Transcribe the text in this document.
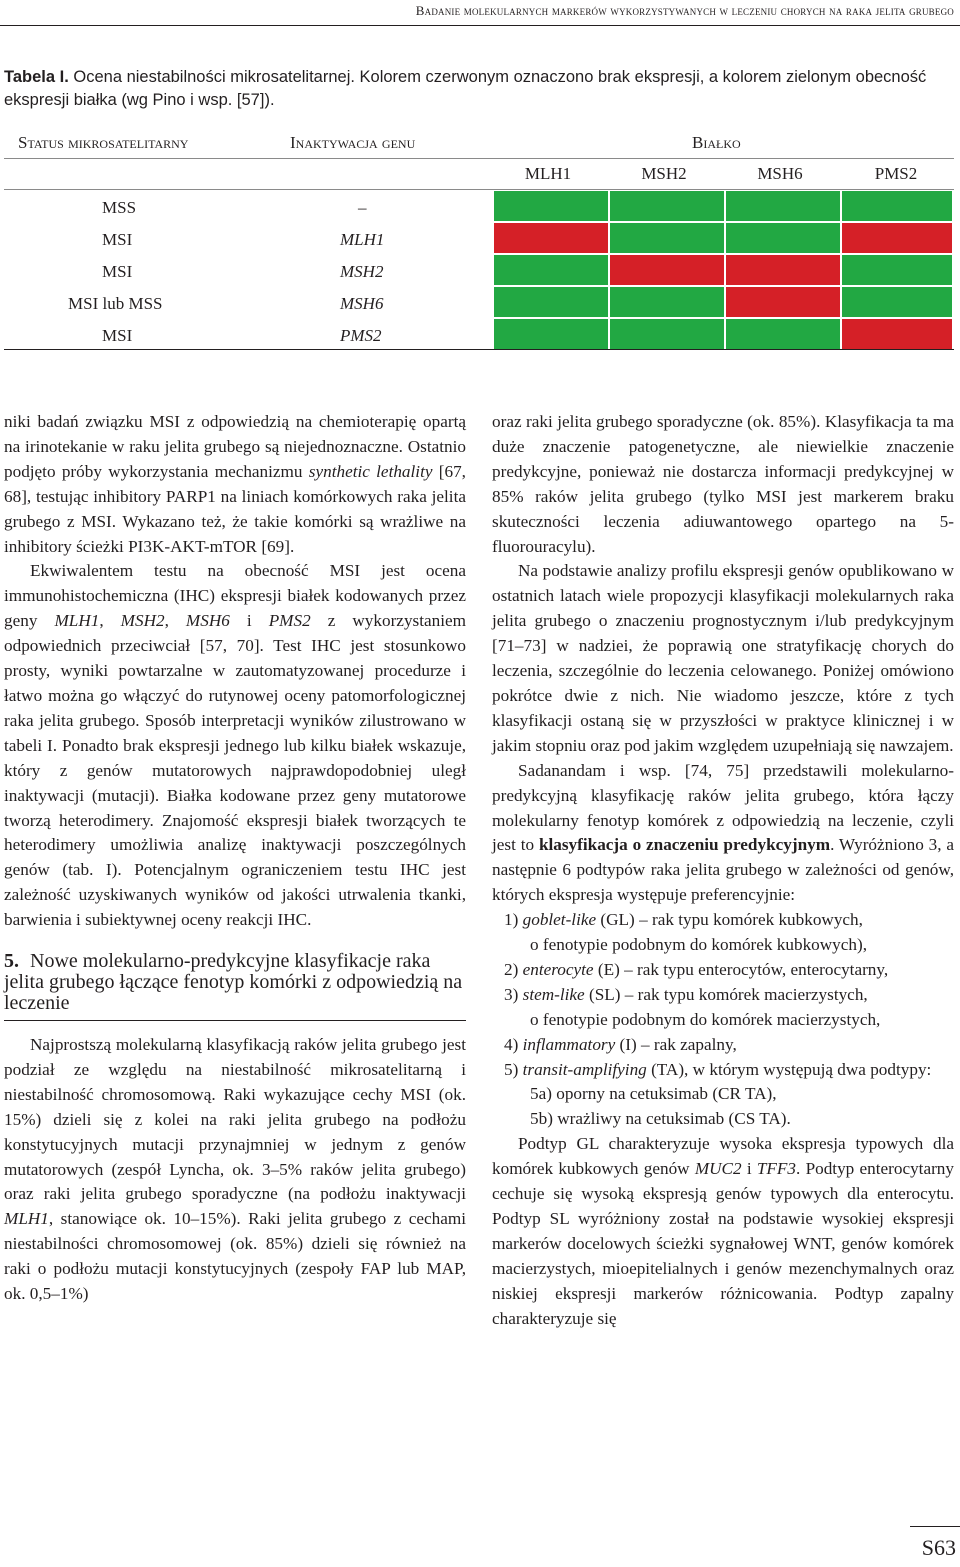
Badanie molekularnych markerów wykorzystywanych w leczeniu chorych na raka jelita grubego
Tabela I. Ocena niestabilności mikrosatelitarnej. Kolorem czerwonym oznaczono brak ekspresji, a kolorem zielonym obecność ekspresji białka (wg Pino i wsp. [57]).
Status mikrosatelitarny	Inaktywacja genu	Białko
MLH1	MSH2	MSH6	PMS2
MSS	–
MSI	MLH1
MSI	MSH2
MSI lub MSS	MSH6
MSI	PMS2

niki badań związku MSI z odpowiedzią na chemioterapię opartą na irinotekanie w raku jelita grubego są niejednoznaczne. Ostatnio podjęto próby wykorzystania mechanizmu synthetic lethality [67, 68], testując inhibitory PARP1 na liniach komórkowych raka jelita grubego z MSI. Wykazano też, że takie komórki są wrażliwe na inhibitory ścieżki PI3K-AKT-mTOR [69].

Ekwiwalentem testu na obecność MSI jest ocena immunohistochemiczna (IHC) ekspresji białek kodowanych przez geny MLH1, MSH2, MSH6 i PMS2 z wykorzystaniem odpowiednich przeciwciał [57, 70]. Test IHC jest stosunkowo prosty, wyniki powtarzalne w zautomatyzowanej procedurze i łatwo można go włączyć do rutynowej oceny patomorfologicznej raka jelita grubego. Sposób interpretacji wyników zilustrowano w tabeli I. Ponadto brak ekspresji jednego lub kilku białek wskazuje, który z genów mutatorowych najprawdopodobniej uległ inaktywacji (mutacji). Białka kodowane przez geny mutatorowe tworzą heterodimery. Znajomość ekspresji białek tworzących te heterodimery umożliwia analizę inaktywacji poszczególnych genów (tab. I). Potencjalnym ograniczeniem testu IHC jest zależność uzyskiwanych wyników od jakości utrwalenia tkanki, barwienia i subiektywnej oceny reakcji IHC.

5. Nowe molekularno-predykcyjne klasyfikacje raka jelita grubego łączące fenotyp komórki z odpowiedzią na leczenie

Najprostszą molekularną klasyfikacją raków jelita grubego jest podział ze względu na niestabilność mikrosatelitarną i niestabilność chromosomową. Raki wykazujące cechy MSI (ok. 15%) dzieli się z kolei na raki jelita grubego na podłożu konstytucyjnych mutacji przynajmniej w jednym z genów mutatorowych (zespół Lyncha, ok. 3–5% raków jelita grubego) oraz raki jelita grubego sporadyczne (na podłożu inaktywacji MLH1, stanowiące ok. 10–15%). Raki jelita grubego z cechami niestabilności chromosomowej (ok. 85%) dzieli się również na raki o podłożu mutacji konstytucyjnych (zespoły FAP lub MAP, ok. 0,5–1%)

oraz raki jelita grubego sporadyczne (ok. 85%). Klasyfikacja ta ma duże znaczenie patogenetyczne, ale niewielkie znaczenie predykcyjne, ponieważ nie dostarcza informacji predykcyjnej w 85% raków jelita grubego (tylko MSI jest markerem braku skuteczności leczenia adiuwantowego opartego na 5-fluorouracylu).

Na podstawie analizy profilu ekspresji genów opublikowano w ostatnich latach wiele propozycji klasyfikacji molekularnych raka jelita grubego o znaczeniu prognostycznym i/lub predykcyjnym [71–73] w nadziei, że poprawią one stratyfikację chorych do leczenia, szczególnie do leczenia celowanego. Poniżej omówiono pokrótce dwie z nich. Nie wiadomo jeszcze, które z tych klasyfikacji ostaną się w przyszłości w praktyce klinicznej i w jakim stopniu oraz pod jakim względem uzupełniają się nawzajem.

Sadanandam i wsp. [74, 75] przedstawili molekularno-predykcyjną klasyfikację raków jelita grubego, która łączy molekularny fenotyp komórek z odpowiedzią na leczenie, czyli jest to klasyfikacja o znaczeniu predykcyjnym. Wyróżniono 3, a następnie 6 podtypów raka jelita grubego w zależności od genów, których ekspresja występuje preferencyjnie:

1) goblet-like (GL) – rak typu komórek kubkowych,
o fenotypie podobnym do komórek kubkowych),
2) enterocyte (E) – rak typu enterocytów, enterocytarny,
3) stem-like (SL) – rak typu komórek macierzystych,
o fenotypie podobnym do komórek macierzystych,
4) inflammatory (I) – rak zapalny,
5) transit-amplifying (TA), w którym występują dwa podtypy:
5a) oporny na cetuksimab (CR TA),
5b) wrażliwy na cetuksimab (CS TA).

Podtyp GL charakteryzuje wysoka ekspresja typowych dla komórek kubkowych genów MUC2 i TFF3. Podtyp enterocytarny cechuje się wysoką ekspresją genów typowych dla enterocytu. Podtyp SL wyróżniony został na podstawie wysokiej ekspresji markerów docelowych ścieżki sygnałowej WNT, genów komórek macierzystych, mioepitelialnych i genów mezenchymalnych oraz niskiej ekspresji markerów różnicowania. Podtyp zapalny charakteryzuje się

S63
